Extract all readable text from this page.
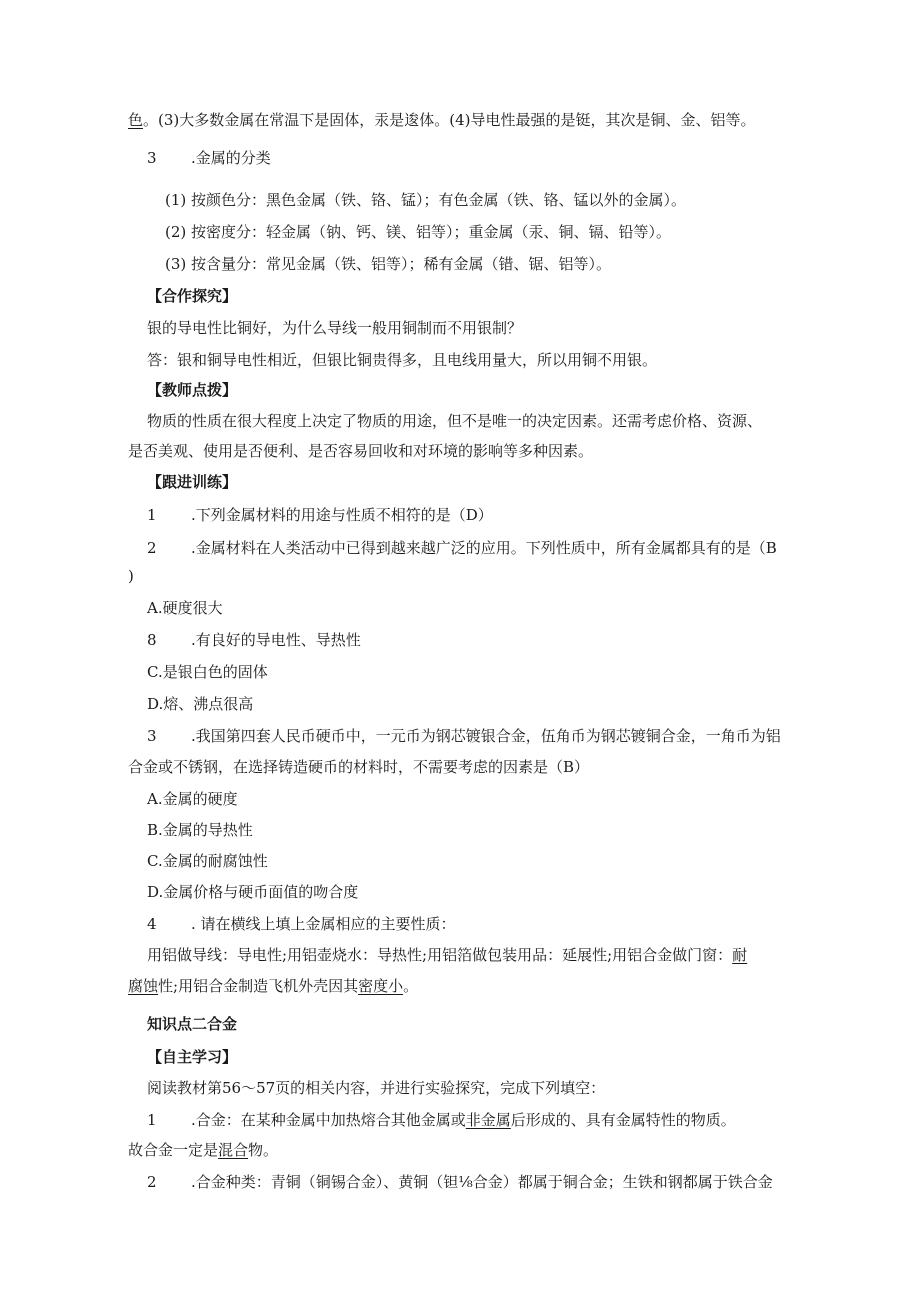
色。(3)大多数金属在常温下是固体，汞是逡体。(4)导电性最强的是铤，其次是铜、金、铝等。
3 .金属的分类
(1) 按颜色分：黑色金属（铁、铬、锰）；有色金属（铁、铬、锰以外的金属）。
(2) 按密度分：轻金属（钠、钙、镁、铝等）；重金属（汞、铜、镉、铅等）。
(3) 按含量分：常见金属（铁、铝等）；稀有金属（错、锯、铝等）。
【合作探究】
银的导电性比铜好，为什么导线一般用铜制而不用银制？
答：银和铜导电性相近，但银比铜贵得多，且电线用量大，所以用铜不用银。
【教师点拨】
物质的性质在很大程度上决定了物质的用途，但不是唯一的决定因素。还需考虑价格、资源、
是否美观、使用是否便利、是否容易回收和对环境的影响等多种因素。
【跟进训练】
1 .下列金属材料的用途与性质不相符的是（D）
2 .金属材料在人类活动中已得到越来越广泛的应用。下列性质中，所有金属都具有的是（B
)
A.硬度很大
8 .有良好的导电性、导热性
C.是银白色的固体
D.熔、沸点很高
3 .我国第四套人民币硬币中，一元币为钢芯镀银合金，伍角币为钢芯镀铜合金，一角币为铝
合金或不锈钢，在选择铸造硬币的材料时，不需要考虑的因素是（B）
A.金属的硬度
B.金属的导热性
C.金属的耐腐蚀性
D.金属价格与硬币面值的吻合度
4 . 请在横线上填上金属相应的主要性质：
用铝做导线：导电性;用铝壶烧水：导热性;用铝箔做包装用品：延展性;用铝合金做门窗：耐
腐蚀性;用铝合金制造飞机外壳因其密度小。
知识点二合金
【自主学习】
阅读教材第56～57页的相关内容，并进行实验探究，完成下列填空：
1 .合金：在某种金属中加热熔合其他金属或非金属后形成的、具有金属特性的物质。
故合金一定是混合物。
2 .合金种类：青铜（铜锡合金）、黄铜（钽⅛合金）都属于铜合金；生铁和钢都属于铁合金
